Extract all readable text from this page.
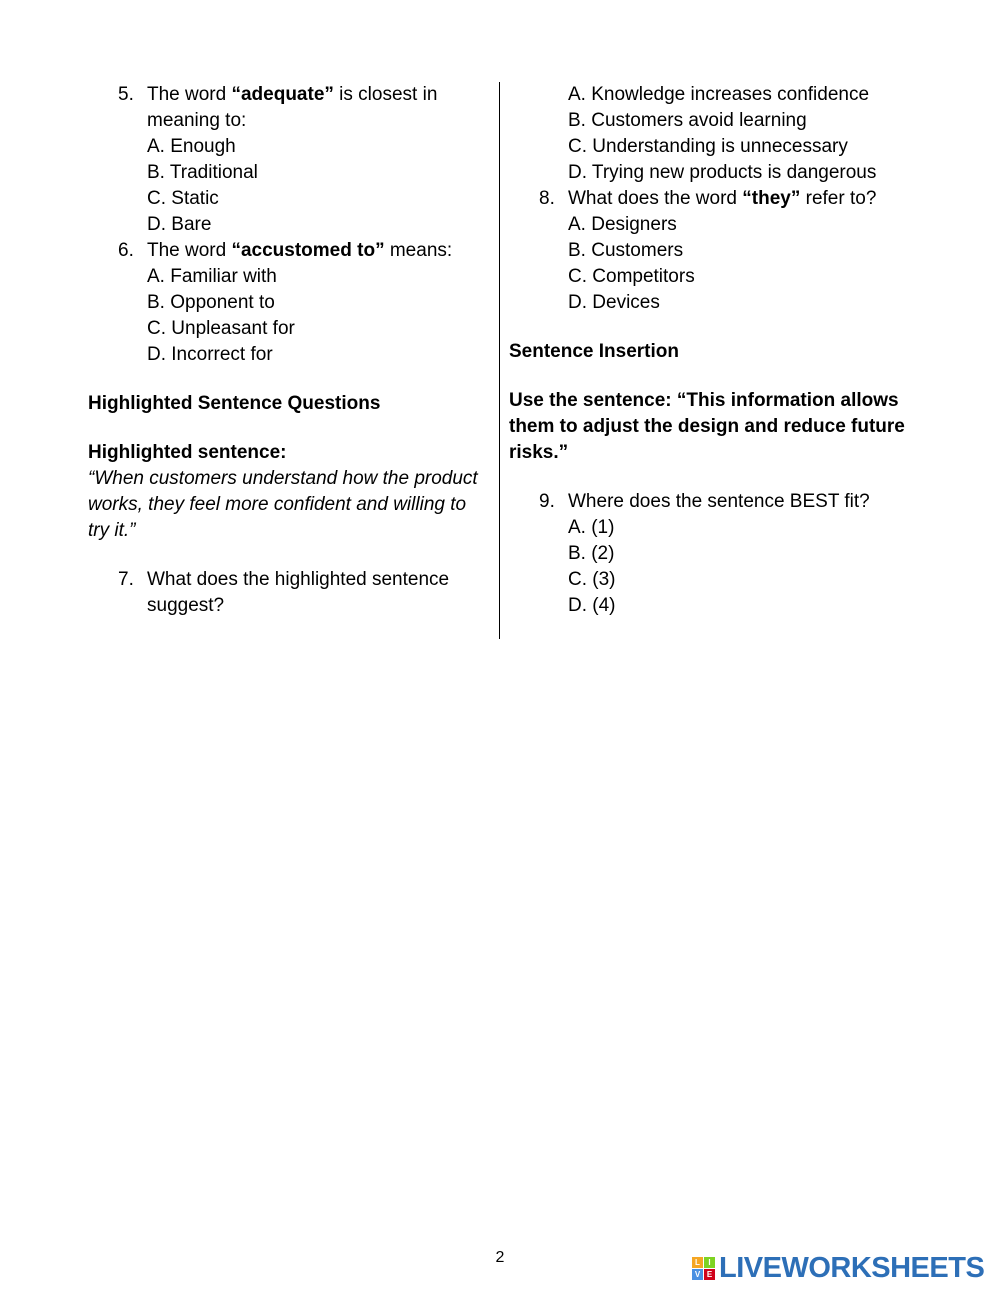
5. The word “adequate” is closest in meaning to:
A. Enough
B. Traditional
C. Static
D. Bare
6. The word “accustomed to” means:
A. Familiar with
B. Opponent to
C. Unpleasant for
D. Incorrect for
Highlighted Sentence Questions
Highlighted sentence:
“When customers understand how the product works, they feel more confident and willing to try it.”
7. What does the highlighted sentence suggest?
A. Knowledge increases confidence
B. Customers avoid learning
C. Understanding is unnecessary
D. Trying new products is dangerous
8. What does the word “they” refer to?
A. Designers
B. Customers
C. Competitors
D. Devices
Sentence Insertion
Use the sentence: “This information allows them to adjust the design and reduce future risks.”
9. Where does the sentence BEST fit?
A. (1)
B. (2)
C. (3)
D. (4)
2	L	I
V E LIVEWORKSHEETS
